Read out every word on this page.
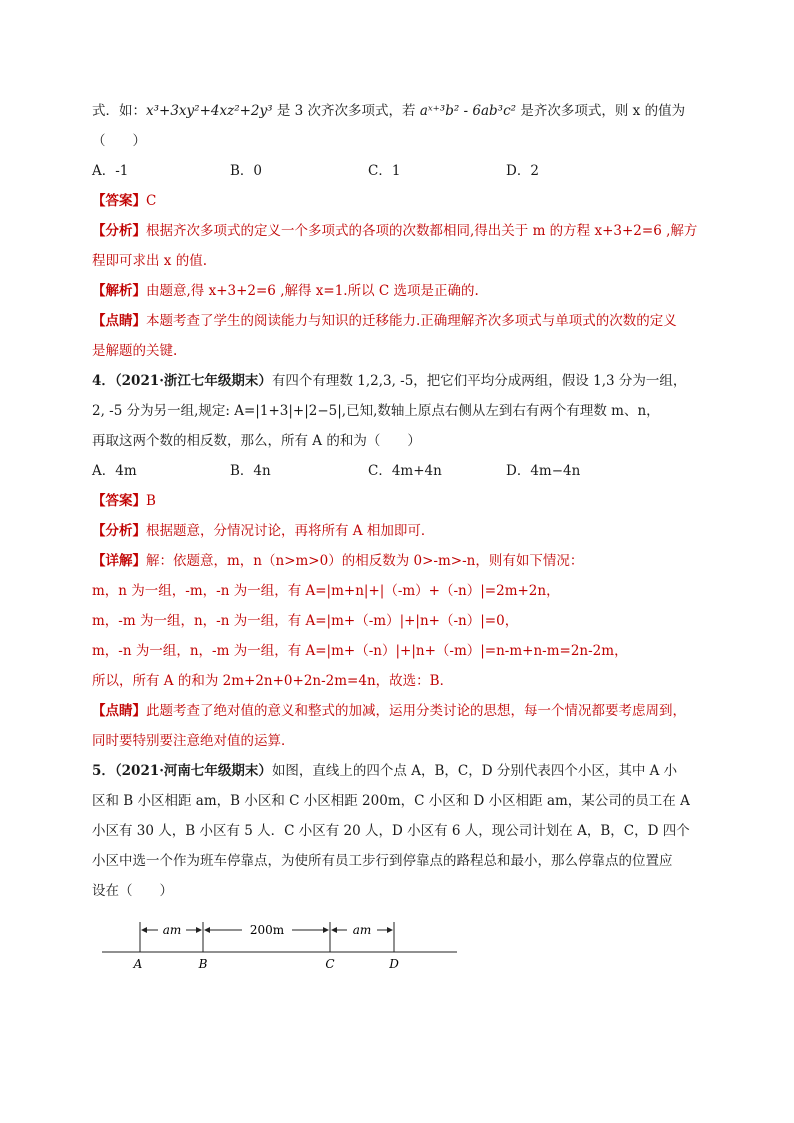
式．如：x³+3xy²+4xz²+2y³ 是 3 次齐次多项式，若 aˣ⁺³b² - 6ab³c² 是齐次多项式，则 x 的值为
（　　）
A．-1	B．0	C．1	D．2
【答案】C
【分析】根据齐次多项式的定义一个多项式的各项的次数都相同,得出关于 m 的方程 x+3+2=6 ,解方
程即可求出 x 的值.
【解析】由题意,得 x+3+2=6 ,解得 x=1.所以 C 选项是正确的.
【点睛】本题考查了学生的阅读能力与知识的迁移能力.正确理解齐次多项式与单项式的次数的定义
是解题的关键.
4．（2021·浙江七年级期末）有四个有理数 1,2,3, -5，把它们平均分成两组，假设 1,3 分为一组，
2, -5 分为另一组,规定: A=|1+3|+|2−5|,已知,数轴上原点右侧从左到右有两个有理数 m、n，
再取这两个数的相反数，那么，所有 A 的和为（　　）
A．4m	B．4n	C．4m+4n	D．4m−4n
【答案】B
【分析】根据题意，分情况讨论，再将所有 A 相加即可．
【详解】解：依题意，m，n（n>m>0）的相反数为 0>-m>-n，则有如下情况：
m，n 为一组，-m，-n 为一组，有 A=|m+n|+|（-m）+（-n）|=2m+2n，
m，-m 为一组，n，-n 为一组，有 A=|m+（-m）|+|n+（-n）|=0，
m，-n 为一组，n，-m 为一组，有 A=|m+（-n）|+|n+（-m）|=n-m+n-m=2n-2m，
所以，所有 A 的和为 2m+2n+0+2n-2m=4n，故选：B．
【点睛】此题考查了绝对值的意义和整式的加减，运用分类讨论的思想，每一个情况都要考虑周到，
同时要特别要注意绝对值的运算．
5．（2021·河南七年级期末）如图，直线上的四个点 A，B，C，D 分别代表四个小区，其中 A 小
区和 B 小区相距 am，B 小区和 C 小区相距 200m，C 小区和 D 小区相距 am，某公司的员工在 A
小区有 30 人，B 小区有 5 人．C 小区有 20 人，D 小区有 6 人，现公司计划在 A，B，C，D 四个
小区中选一个作为班车停靠点，为使所有员工步行到停靠点的路程总和最小，那么停靠点的位置应
设在（　　）
am	200m	am
A	B	C	D
